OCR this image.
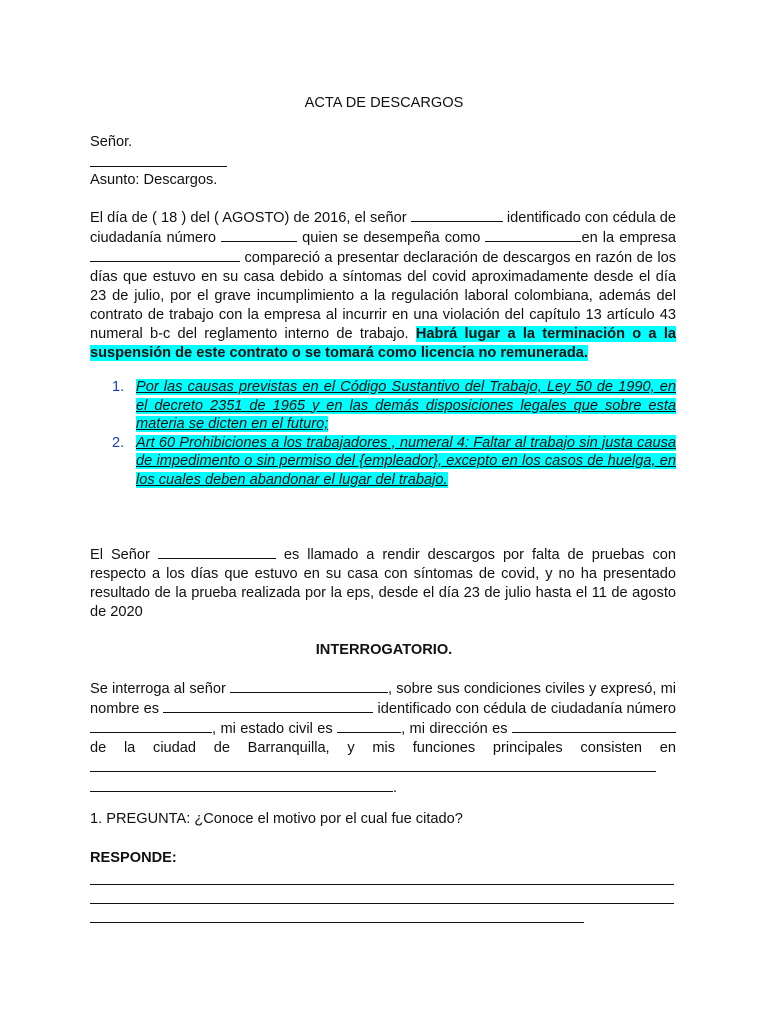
ACTA DE DESCARGOS

Señor.

Asunto: Descargos.

El día de ( 18 ) del ( AGOSTO) de 2016, el señor	identificado con cédula de ciudadanía número	quien se desempeña como	en la empresa  compareció a presentar declaración de descargos en razón de los días que estuvo en su casa debido a síntomas del covid aproximadamente desde el día 23 de julio, por el grave incumplimiento a la regulación laboral colombiana, además del contrato de trabajo con la empresa al incurrir en una violación del capítulo 13 artículo 43 numeral b-c del reglamento interno de trabajo. Habrá lugar a la terminación o a la suspensión de este contrato o se tomará como licencia no remunerada.

1. Por las causas previstas en el Código Sustantivo del Trabajo, Ley 50 de 1990, en el decreto 2351 de 1965 y en las demás disposiciones legales que sobre esta materia se dicten en el futuro;
2. Art 60 Prohibiciones a los trabajadores , numeral 4: Faltar al trabajo sin justa causa de impedimento o sin permiso del {empleador}, excepto en los casos de huelga, en los cuales deben abandonar el lugar del trabajo.

El Señor	es llamado a rendir descargos por falta de pruebas con respecto a los días que estuvo en su casa con síntomas de covid, y no ha presentado resultado de la prueba realizada por la eps, desde el día 23 de julio hasta el 11 de agosto de 2020

INTERROGATORIO.

Se interroga al señor	, sobre sus condiciones civiles y expresó, mi nombre es	identificado con cédula de ciudadanía número , mi estado civil es	, mi dirección es de la ciudad de Barranquilla, y mis funciones principales consisten en .

1. PREGUNTA: ¿Conoce el motivo por el cual fue citado?

RESPONDE:
